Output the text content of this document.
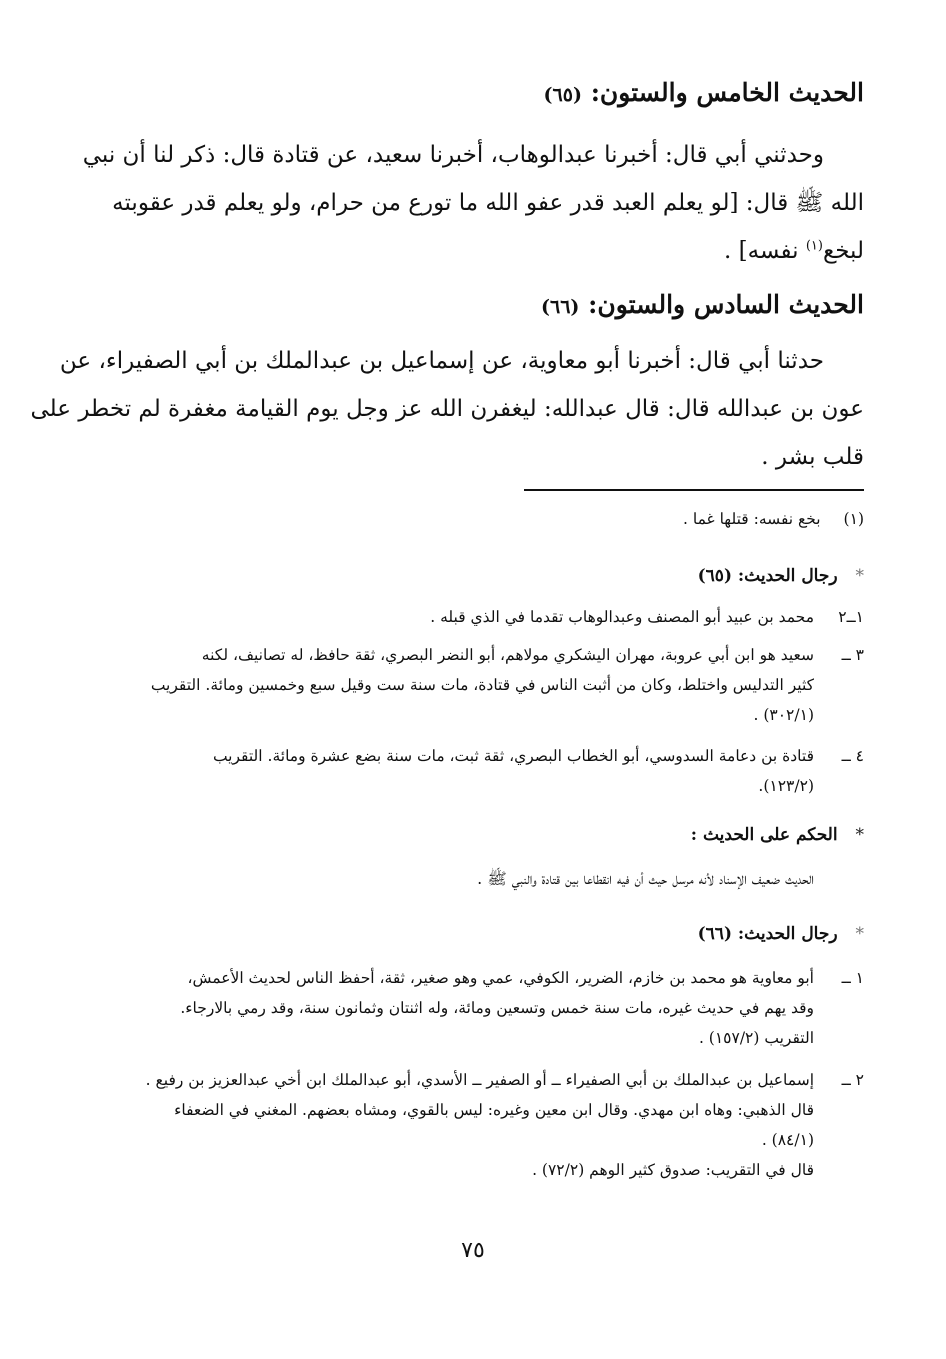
الحديث الخامس والستون: (٦٥)
وحدثني أبي قال: أخبرنا عبدالوهاب، أخبرنا سعيد، عن قتادة قال: ذكر لنا أن نبي
الله ﷺ قال: [لو يعلم العبد قدر عفو الله ما تورع من حرام، ولو يعلم قدر عقوبته
لبخع$^{(١)}$ نفسه] .
الحديث السادس والستون: (٦٦)
حدثنا أبي قال: أخبرنا أبو معاوية، عن إسماعيل بن عبدالملك بن أبي الصفيراء، عن
عون بن عبدالله قال: قال عبدالله: ليغفرن الله عز وجل يوم القيامة مغفرة لم تخطر على
قلب بشر .
(١) بخع نفسه: قتلها غما .
* رجال الحديث: (٦٥)
١ــ٢
محمد بن عبيد أبو المصنف وعبدالوهاب تقدما في الذي قبله .
٣ ــ
سعيد هو ابن أبي عروبة، مهران اليشكري مولاهم، أبو النضر البصري، ثقة حافظ، له تصانيف، لكنه
كثير التدليس واختلط، وكان من أثبت الناس في قتادة، مات سنة ست وقيل سبع وخمسين ومائة. التقريب
(٣٠٢/١) .
٤ ــ
قتادة بن دعامة السدوسي، أبو الخطاب البصري، ثقة ثبت، مات سنة بضع عشرة ومائة. التقريب
(١٢٣/٢).
* الحكم على الحديث :
الحديث ضعيف الإسناد لأنه مرسل حيث أن فيه انقطاعا بين قتادة والنبي ﷺ .
* رجال الحديث: (٦٦)
١ ــ
أبو معاوية هو محمد بن خازم، الضرير، الكوفي، عمي وهو صغير، ثقة، أحفظ الناس لحديث الأعمش،
وقد يهم في حديث غيره، مات سنة خمس وتسعين ومائة، وله اثنتان وثمانون سنة، وقد رمي بالارجاء.
التقريب (١٥٧/٢) .
٢ ــ
إسماعيل بن عبدالملك بن أبي الصفيراء ــ أو الصفير ــ الأسدي، أبو عبدالملك ابن أخي عبدالعزيز بن رفيع .
قال الذهبي: وهاه ابن مهدي. وقال ابن معين وغيره: ليس بالقوي، ومشاه بعضهم. المغني في الضعفاء
(٨٤/١) .
قال في التقريب: صدوق كثير الوهم (٧٢/٢) .
٧٥
